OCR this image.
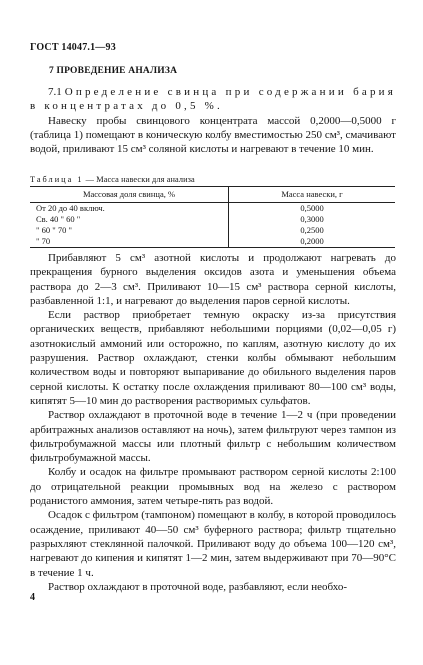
ГОСТ 14047.1—93
7 ПРОВЕДЕНИЕ АНАЛИЗА

7.1 Определение свинца при содержании бария в концентратах до 0,5 %.

Навеску пробы свинцового концентрата массой 0,2000—0,5000 г (таблица 1) помещают в коническую колбу вместимостью 250 см³, смачивают водой, приливают 15 см³ соляной кислоты и нагревают в течение 10 мин.

Таблица 1 — Масса навески для анализа
Массовая доля свинца, %	Масса навески, г
От 20 до 40 включ.	0,5000
Св. 40 " 60 "	0,3000
" 60 " 70 "	0,2500
" 70	0,2000

Прибавляют 5 см³ азотной кислоты и продолжают нагревать до прекращения бурного выделения оксидов азота и уменьшения объема раствора до 2—3 см³. Приливают 10—15 см³ раствора серной кислоты, разбавленной 1:1, и нагревают до выделения паров серной кислоты.

Если раствор приобретает темную окраску из-за присутствия органических веществ, прибавляют небольшими порциями (0,02—0,05 г) азотнокислый аммоний или осторожно, по каплям, азотную кислоту до их разрушения. Раствор охлаждают, стенки колбы обмывают небольшим количеством воды и повторяют выпаривание до обильного выделения паров серной кислоты. К остатку после охлаждения приливают 80—100 см³ воды, кипятят 5—10 мин до растворения растворимых сульфатов.

Раствор охлаждают в проточной воде в течение 1—2 ч (при проведении арбитражных анализов оставляют на ночь), затем фильтруют через тампон из фильтробумажной массы или плотный фильтр с небольшим количеством фильтробумажной массы.

Колбу и осадок на фильтре промывают раствором серной кислоты 2:100 до отрицательной реакции промывных вод на железо с раствором роданистого аммония, затем четыре-пять раз водой.

Осадок с фильтром (тампоном) помещают в колбу, в которой проводилось осаждение, приливают 40—50 см³ буферного раствора; фильтр тщательно разрыхляют стеклянной палочкой. Приливают воду до объема 100—120 см³, нагревают до кипения и кипятят 1—2 мин, затем выдерживают при 70—90°C в течение 1 ч.

Раствор охлаждают в проточной воде, разбавляют, если необхо-

4
